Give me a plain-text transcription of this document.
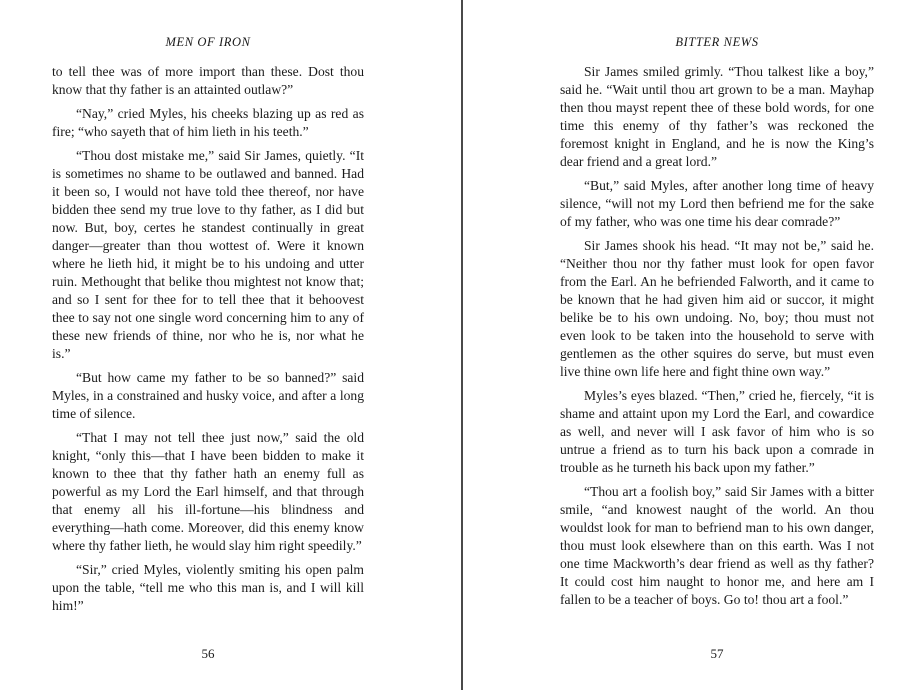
MEN OF IRON

to tell thee was of more import than these. Dost thou know that thy father is an attainted outlaw?”

“Nay,” cried Myles, his cheeks blazing up as red as fire; “who sayeth that of him lieth in his teeth.”

“Thou dost mistake me,” said Sir James, quietly. “It is sometimes no shame to be outlawed and banned. Had it been so, I would not have told thee thereof, nor have bidden thee send my true love to thy father, as I did but now. But, boy, certes he standest continually in great danger—greater than thou wottest of. Were it known where he lieth hid, it might be to his undoing and utter ruin. Methought that belike thou mightest not know that; and so I sent for thee for to tell thee that it behoovest thee to say not one single word concerning him to any of these new friends of thine, nor who he is, nor what he is.”

“But how came my father to be so banned?” said Myles, in a constrained and husky voice, and after a long time of silence.

“That I may not tell thee just now,” said the old knight, “only this—that I have been bidden to make it known to thee that thy father hath an enemy full as powerful as my Lord the Earl himself, and that through that enemy all his ill-fortune—his blindness and everything—hath come. Moreover, did this enemy know where thy father lieth, he would slay him right speedily.”

“Sir,” cried Myles, violently smiting his open palm upon the table, “tell me who this man is, and I will kill him!”

56
BITTER NEWS

Sir James smiled grimly. “Thou talkest like a boy,” said he. “Wait until thou art grown to be a man. Mayhap then thou mayst repent thee of these bold words, for one time this enemy of thy father’s was reckoned the foremost knight in England, and he is now the King’s dear friend and a great lord.”

“But,” said Myles, after another long time of heavy silence, “will not my Lord then befriend me for the sake of my father, who was one time his dear comrade?”

Sir James shook his head. “It may not be,” said he. “Neither thou nor thy father must look for open favor from the Earl. An he befriended Falworth, and it came to be known that he had given him aid or succor, it might belike be to his own undoing. No, boy; thou must not even look to be taken into the household to serve with gentlemen as the other squires do serve, but must even live thine own life here and fight thine own way.”

Myles’s eyes blazed. “Then,” cried he, fiercely, “it is shame and attaint upon my Lord the Earl, and cowardice as well, and never will I ask favor of him who is so untrue a friend as to turn his back upon a comrade in trouble as he turneth his back upon my father.”

“Thou art a foolish boy,” said Sir James with a bitter smile, “and knowest naught of the world. An thou wouldst look for man to befriend man to his own danger, thou must look elsewhere than on this earth. Was I not one time Mackworth’s dear friend as well as thy father? It could cost him naught to honor me, and here am I fallen to be a teacher of boys. Go to! thou art a fool.”

57
